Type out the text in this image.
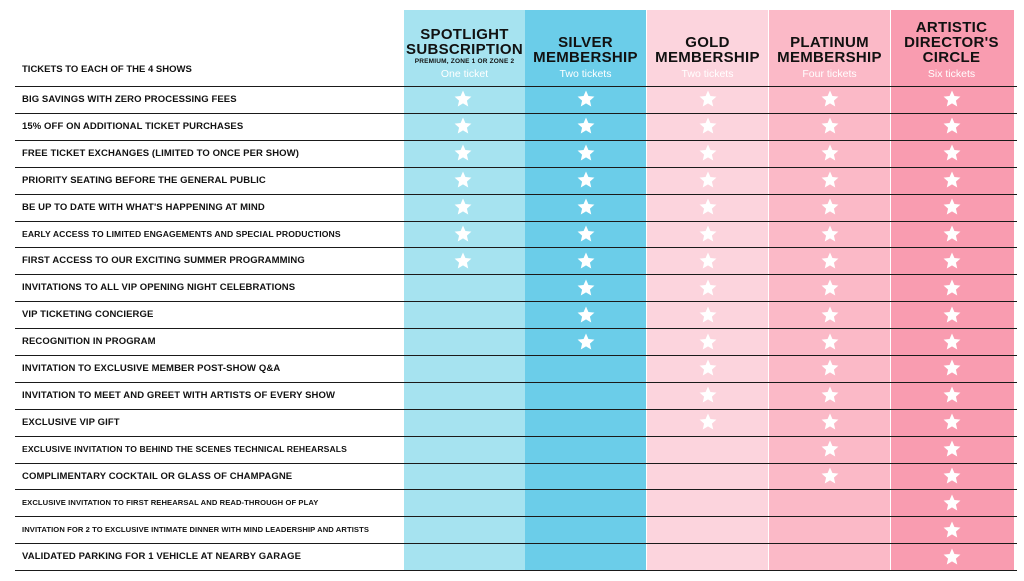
TICKETS TO EACH OF THE 4 SHOWS
SPOTLIGHT
SUBSCRIPTION
PREMIUM, ZONE 1 OR ZONE 2
One ticket
SILVER
MEMBERSHIP
Two tickets
GOLD
MEMBERSHIP
Two tickets
PLATINUM
MEMBERSHIP
Four tickets
ARTISTIC
DIRECTOR'S
CIRCLE
Six tickets
BIG SAVINGS WITH ZERO PROCESSING FEES
15% OFF ON ADDITIONAL TICKET PURCHASES
FREE TICKET EXCHANGES (LIMITED TO ONCE PER SHOW)
PRIORITY SEATING BEFORE THE GENERAL PUBLIC
BE UP TO DATE WITH WHAT'S HAPPENING AT MIND
EARLY ACCESS TO LIMITED ENGAGEMENTS AND SPECIAL PRODUCTIONS
FIRST ACCESS TO OUR EXCITING SUMMER PROGRAMMING
INVITATIONS TO ALL VIP OPENING NIGHT CELEBRATIONS
VIP TICKETING CONCIERGE
RECOGNITION IN PROGRAM
INVITATION TO EXCLUSIVE MEMBER POST-SHOW Q&A
INVITATION TO MEET AND GREET WITH ARTISTS OF EVERY SHOW
EXCLUSIVE VIP GIFT
EXCLUSIVE INVITATION TO BEHIND THE SCENES TECHNICAL REHEARSALS
COMPLIMENTARY COCKTAIL OR GLASS OF CHAMPAGNE
EXCLUSIVE INVITATION TO FIRST REHEARSAL AND READ-THROUGH OF PLAY
INVITATION FOR 2 TO EXCLUSIVE INTIMATE DINNER WITH MIND LEADERSHIP AND ARTISTS
VALIDATED PARKING FOR 1 VEHICLE AT NEARBY GARAGE
